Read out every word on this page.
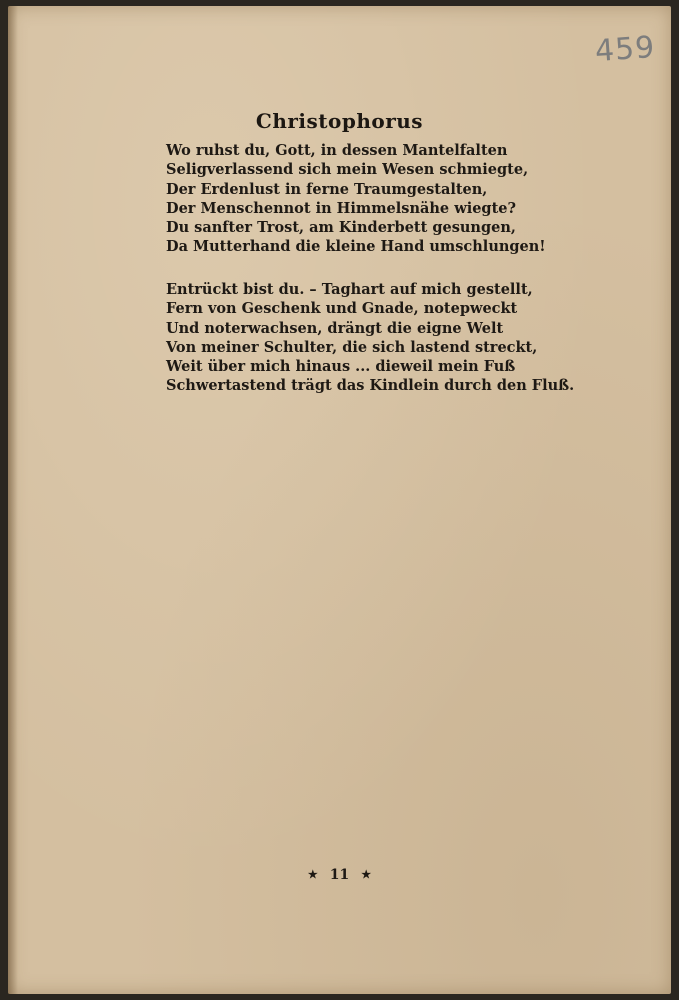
459
Christophorus
Wo ruhst du, Gott, in dessen Mantelfalten
Seligverlassend sich mein Wesen schmiegte,
Der Erdenlust in ferne Traumgestalten,
Der Menschennot in Himmelsnähe wiegte?
Du sanfter Trost, am Kinderbett gesungen,
Da Mutterhand die kleine Hand umschlungen!
Entrückt bist du. – Taghart auf mich gestellt,
Fern von Geschenk und Gnade, notерweckt
Und noterwachsen, drängt die eigne Welt
Von meiner Schulter, die sich lastend streckt,
Weit über mich hinaus ... dieweil mein Fuß
Schwertastend trägt das Kindlein durch den Fluß.

★ 11 ★
